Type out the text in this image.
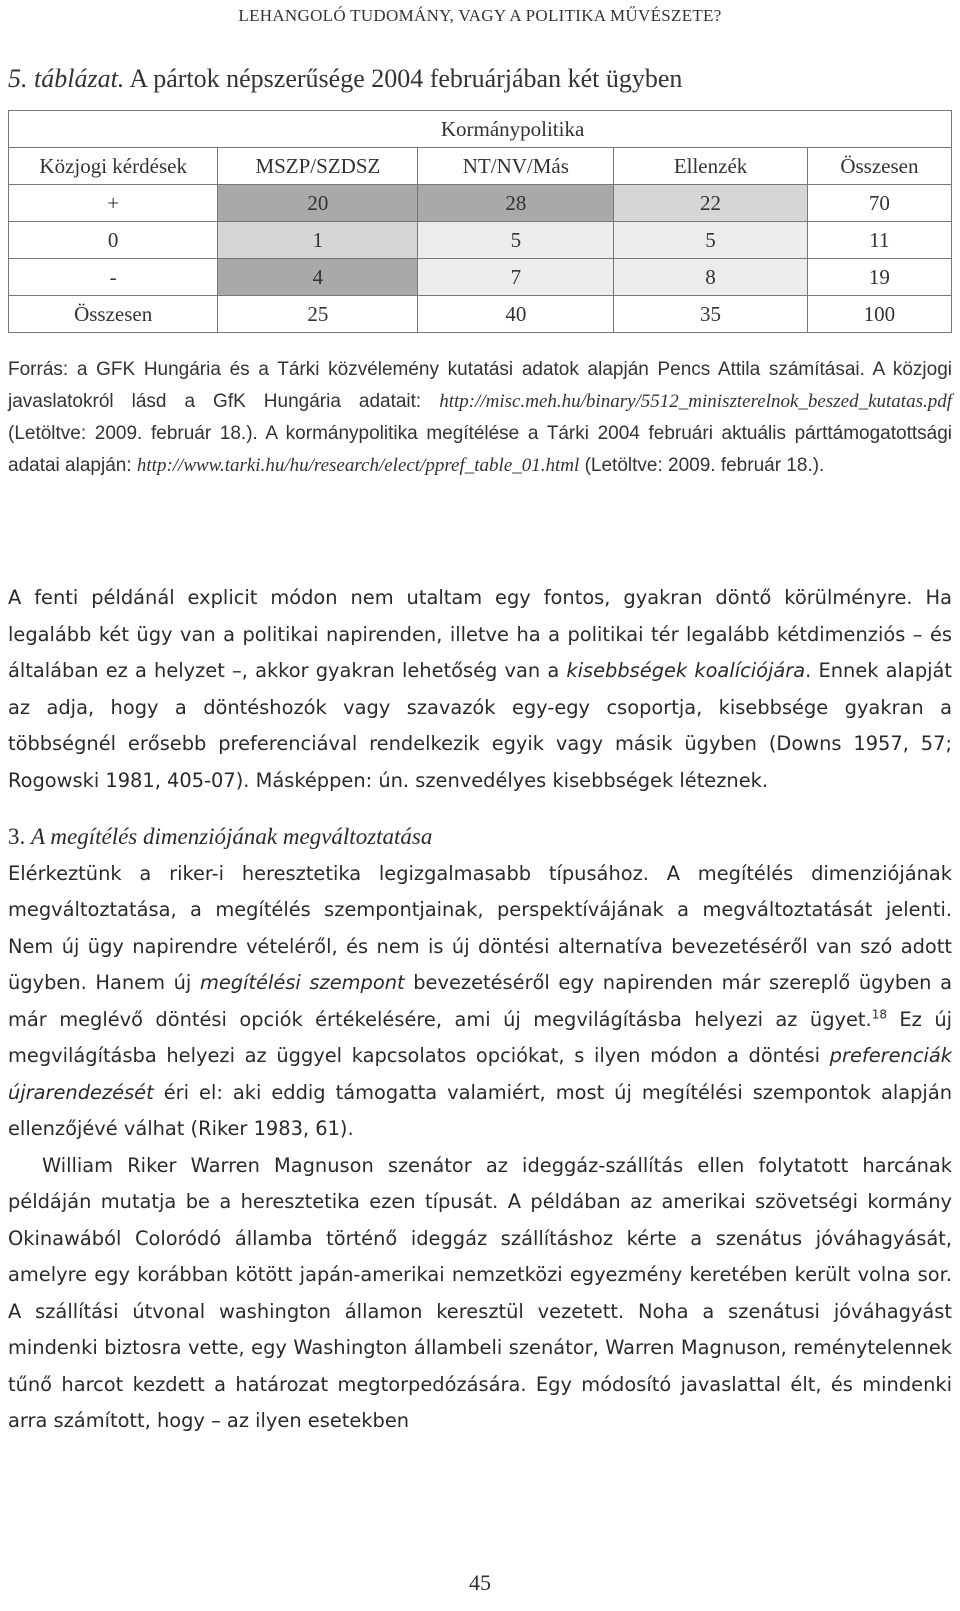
LEHANGOLÓ TUDOMÁNY, VAGY A POLITIKA MŰVÉSZETE?
5. táblázat. A pártok népszerűsége 2004 februárjában két ügyben
	Kormánypolitika			
Közjogi kérdések	MSZP/SZDSZ	NT/NV/Más	Ellenzék	Összesen
+	20	28	22	70
0	1	5	5	11
-	4	7	8	19
Összesen	25	40	35	100
Forrás: a GFK Hungária és a Tárki közvélemény kutatási adatok alapján Pencs Attila számításai. A közjogi javaslatokról lásd a GfK Hungária adatait: http://misc.meh.hu/binary/5512_miniszterelnok_beszed_kutatas.pdf (Letöltve: 2009. február 18.). A kormánypolitika megítélése a Tárki 2004 februári aktuális párttámogatottsági adatai alapján: http://www.tarki.hu/hu/research/elect/ppref_table_01.html (Letöltve: 2009. február 18.).

A fenti példánál explicit módon nem utaltam egy fontos, gyakran döntő körülményre. Ha legalább két ügy van a politikai napirenden, illetve ha a politikai tér legalább kétdimenziós – és általában ez a helyzet –, akkor gyakran lehetőség van a kisebbségek koalíciójára. Ennek alapját az adja, hogy a döntéshozók vagy szavazók egy-egy csoportja, kisebbsége gyakran a többségnél erősebb preferenciával rendelkezik egyik vagy másik ügyben (Downs 1957, 57; Rogowski 1981, 405-07). Másképpen: ún. szenvedélyes kisebbségek léteznek.

3. A megítélés dimenziójának megváltoztatása

Elérkeztünk a riker-i heresztetika legizgalmasabb típusához. A megítélés dimenziójának megváltoztatása, a megítélés szempontjainak, perspektívájának a megváltoztatását jelenti. Nem új ügy napirendre vételéről, és nem is új döntési alternatíva bevezetéséről van szó adott ügyben. Hanem új megítélési szempont bevezetéséről egy napirenden már szereplő ügyben a már meglévő döntési opciók értékelésére, ami új megvilágításba helyezi az ügyet.$^{18}$ Ez új megvilágításba helyezi az üggyel kapcsolatos opciókat, s ilyen módon a döntési preferenciák újrarendezését éri el: aki eddig támogatta valamiért, most új megítélési szempontok alapján ellenzőjévé válhat (Riker 1983, 61).

William Riker Warren Magnuson szenátor az ideggáz-szállítás ellen folytatott harcának példáján mutatja be a heresztetika ezen típusát. A példában az amerikai szövetségi kormány Okinawából Coloródó államba történő ideggáz szállításhoz kérte a szenátus jóváhagyását, amelyre egy korábban kötött japán-amerikai nemzetközi egyezmény keretében került volna sor. A szállítási útvonal washington államon keresztül vezetett. Noha a szenátusi jóváhagyást mindenki biztosra vette, egy Washington állambeli szenátor, Warren Magnuson, reménytelennek tűnő harcot kezdett a határozat megtorpedózására. Egy módosító javaslattal élt, és mindenki arra számított, hogy – az ilyen esetekben

45
